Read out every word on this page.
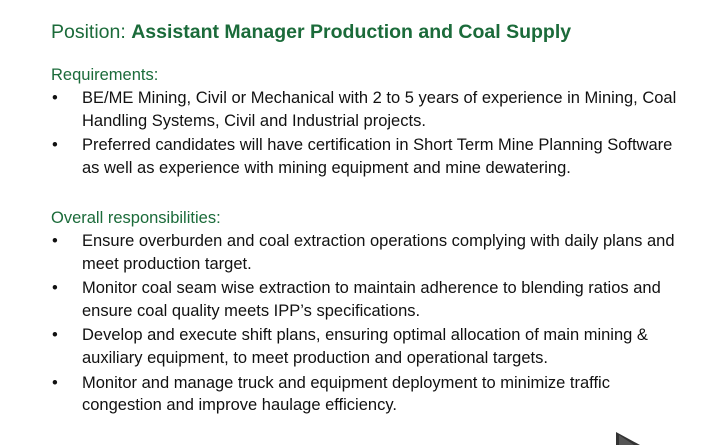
Position: Assistant Manager Production and Coal Supply
Requirements:
• BE/ME Mining, Civil or Mechanical with 2 to 5 years of experience in Mining, Coal Handling Systems, Civil and Industrial projects.
• Preferred candidates will have certification in Short Term Mine Planning Software as well as experience with mining equipment and mine dewatering.
Overall responsibilities:
• Ensure overburden and coal extraction operations complying with daily plans and meet production target.
• Monitor coal seam wise extraction to maintain adherence to blending ratios and ensure coal quality meets IPP’s specifications.
• Develop and execute shift plans, ensuring optimal allocation of main mining & auxiliary equipment, to meet production and operational targets.
• Monitor and manage truck and equipment deployment to minimize traffic congestion and improve haulage efficiency.
